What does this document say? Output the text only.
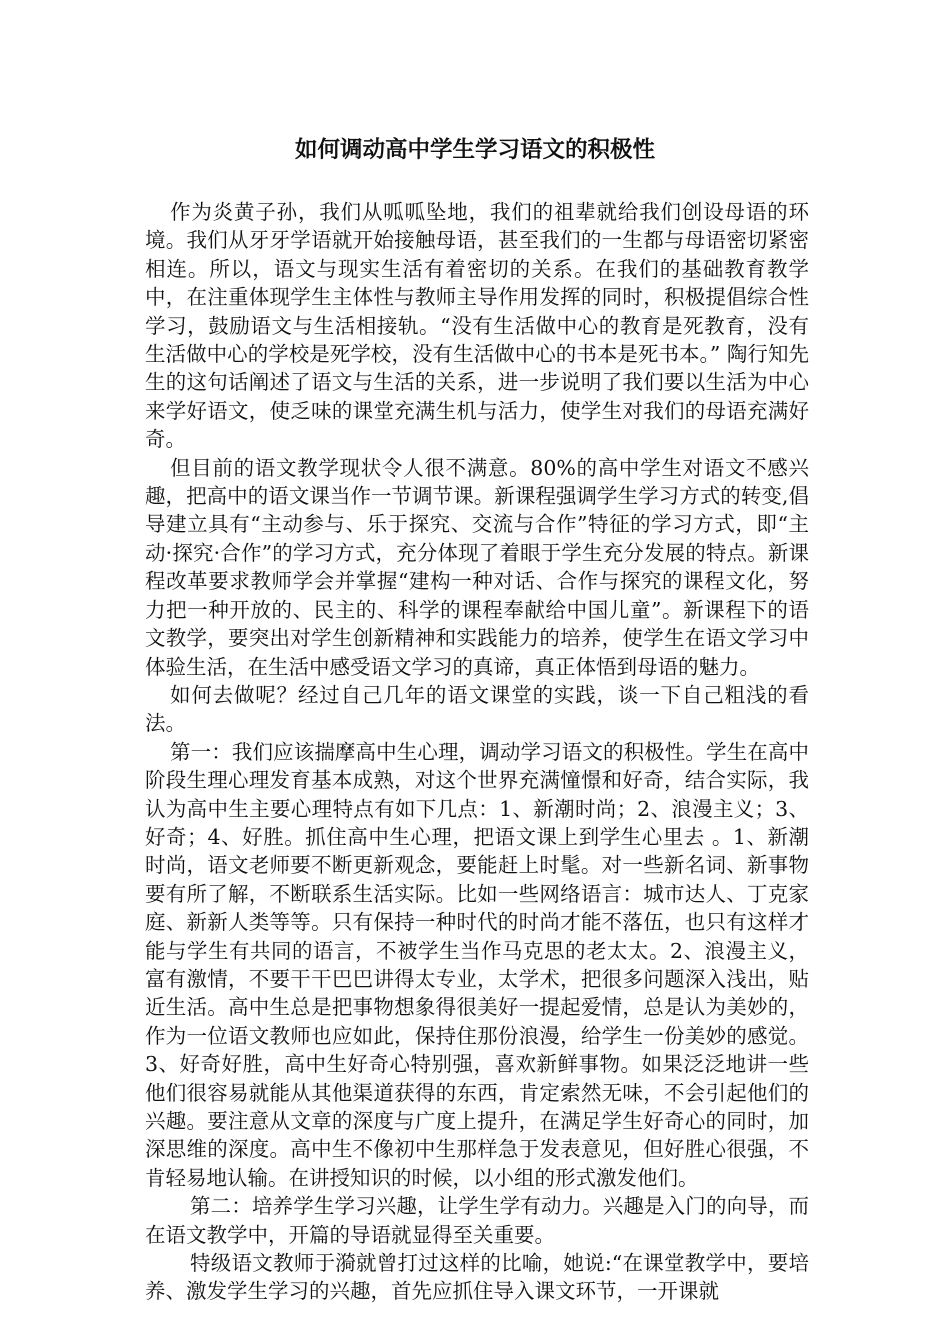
如何调动高中学生学习语文的积极性

作为炎黄子孙，我们从呱呱坠地，我们的祖辈就给我们创设母语的环境。我们从牙牙学语就开始接触母语，甚至我们的一生都与母语密切紧密相连。所以，语文与现实生活有着密切的关系。在我们的基础教育教学中，在注重体现学生主体性与教师主导作用发挥的同时，积极提倡综合性学习，鼓励语文与生活相接轨。“没有生活做中心的教育是死教育，没有生活做中心的学校是死学校，没有生活做中心的书本是死书本。” 陶行知先生的这句话阐述了语文与生活的关系，进一步说明了我们要以生活为中心来学好语文，使乏味的课堂充满生机与活力，使学生对我们的母语充满好奇。

但目前的语文教学现状令人很不满意。80%的高中学生对语文不感兴趣，把高中的语文课当作一节调节课。新课程强调学生学习方式的转变,倡导建立具有“主动参与、乐于探究、交流与合作”特征的学习方式，即“主动·探究·合作”的学习方式，充分体现了着眼于学生充分发展的特点。新课程改革要求教师学会并掌握“建构一种对话、合作与探究的课程文化，努力把一种开放的、民主的、科学的课程奉献给中国儿童”。新课程下的语文教学，要突出对学生创新精神和实践能力的培养，使学生在语文学习中体验生活，在生活中感受语文学习的真谛，真正体悟到母语的魅力。

如何去做呢？经过自己几年的语文课堂的实践，谈一下自己粗浅的看法。

第一：我们应该揣摩高中生心理，调动学习语文的积极性。学生在高中阶段生理心理发育基本成熟，对这个世界充满憧憬和好奇，结合实际，我认为高中生主要心理特点有如下几点：1、新潮时尚；2、浪漫主义；3、好奇；4、好胜。抓住高中生心理，把语文课上到学生心里去 。1、新潮时尚，语文老师要不断更新观念，要能赶上时髦。对一些新名词、新事物要有所了解，不断联系生活实际。比如一些网络语言：城市达人、丁克家庭、新新人类等等。只有保持一种时代的时尚才能不落伍，也只有这样才能与学生有共同的语言，不被学生当作马克思的老太太。2、浪漫主义，富有激情，不要干干巴巴讲得太专业，太学术，把很多问题深入浅出，贴近生活。高中生总是把事物想象得很美好一提起爱情，总是认为美妙的，作为一位语文教师也应如此，保持住那份浪漫，给学生一份美妙的感觉。3、好奇好胜，高中生好奇心特别强，喜欢新鲜事物。如果泛泛地讲一些他们很容易就能从其他渠道获得的东西，肯定索然无味，不会引起他们的兴趣。要注意从文章的深度与广度上提升，在满足学生好奇心的同时，加深思维的深度。高中生不像初中生那样急于发表意见，但好胜心很强，不肯轻易地认输。在讲授知识的时候，以小组的形式激发他们。

第二：培养学生学习兴趣，让学生学有动力。兴趣是入门的向导，而在语文教学中，开篇的导语就显得至关重要。

特级语文教师于漪就曾打过这样的比喻，她说:“在课堂教学中，要培养、激发学生学习的兴趣，首先应抓住导入课文环节，一开课就
